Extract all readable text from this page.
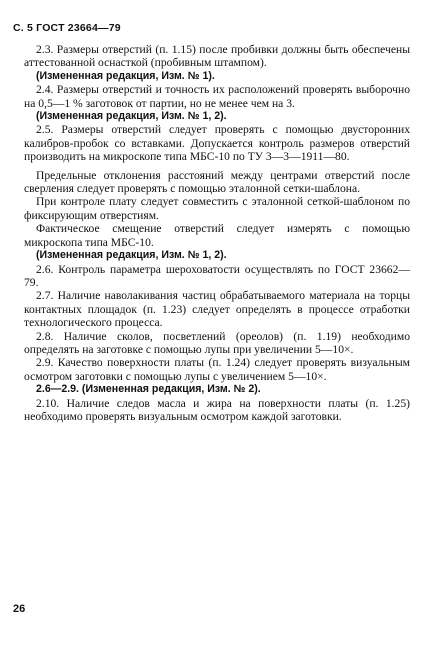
С. 5 ГОСТ 23664—79

2.3. Размеры отверстий (п. 1.15) после пробивки должны быть обеспечены аттестованной оснасткой (пробивным штампом).

(Измененная редакция, Изм. № 1).

2.4. Размеры отверстий и точность их расположений проверять выборочно на 0,5—1 % заготовок от партии, но не менее чем на 3.

(Измененная редакция, Изм. № 1, 2).

2.5. Размеры отверстий следует проверять с помощью двусторонних калибров-пробок со вставками. Допускается контроль размеров отверстий производить на микроскопе типа МБС-10 по ТУ 3—3—1911—80.

Предельные отклонения расстояний между центрами отверстий после сверления следует проверять с помощью эталонной сетки-шаблона.

При контроле плату следует совместить с эталонной сеткой-шаблоном по фиксирующим отверстиям.

Фактическое смещение отверстий следует измерять с помощью микроскопа типа МБС-10.

(Измененная редакция, Изм. № 1, 2).

2.6. Контроль параметра шероховатости осуществлять по ГОСТ 23662—79.

2.7. Наличие наволакивания частиц обрабатываемого материала на торцы контактных площадок (п. 1.23) следует определять в процессе отработки технологического процесса.

2.8. Наличие сколов, посветлений (ореолов) (п. 1.19) необходимо определять на заготовке с помощью лупы при увеличении 5—10×.

2.9. Качество поверхности платы (п. 1.24) следует проверять визуальным осмотром заготовки с помощью лупы с увеличением 5—10×.

2.6—2.9. (Измененная редакция, Изм. № 2).

2.10. Наличие следов масла и жира на поверхности платы (п. 1.25) необходимо проверять визуальным осмотром каждой заготовки.

26
